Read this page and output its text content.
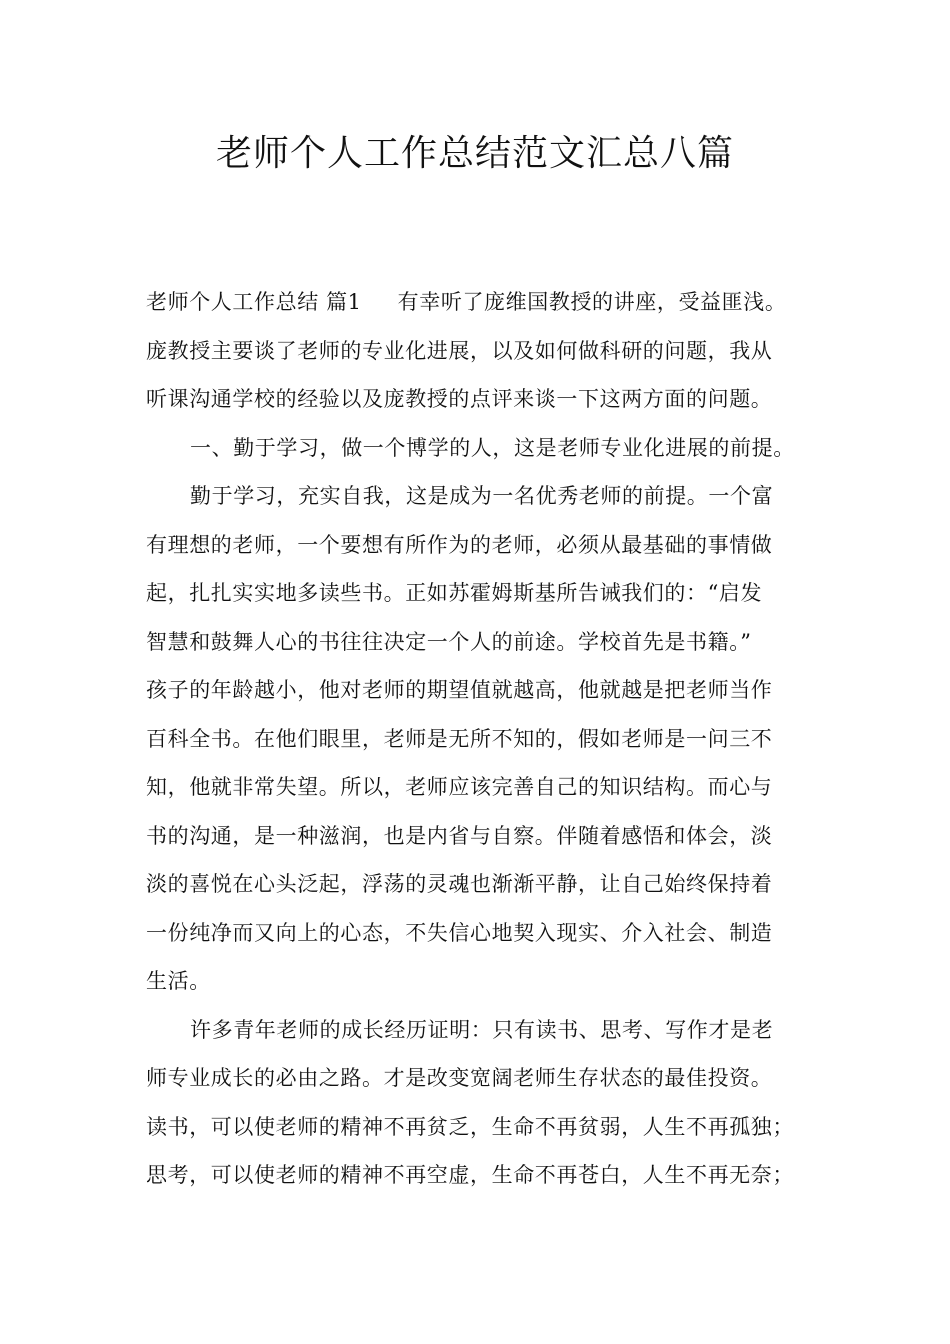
老师个人工作总结范文汇总八篇
老师个人工作总结 篇1 有幸听了庞维国教授的讲座，受益匪浅。
庞教授主要谈了老师的专业化进展，以及如何做科研的问题，我从
听课沟通学校的经验以及庞教授的点评来谈一下这两方面的问题。
一、勤于学习，做一个博学的人，这是老师专业化进展的前提。
勤于学习，充实自我，这是成为一名优秀老师的前提。一个富
有理想的老师，一个要想有所作为的老师，必须从最基础的事情做
起，扎扎实实地多读些书。正如苏霍姆斯基所告诫我们的：“启发
智慧和鼓舞人心的书往往决定一个人的前途。学校首先是书籍。”
孩子的年龄越小，他对老师的期望值就越高，他就越是把老师当作
百科全书。在他们眼里，老师是无所不知的，假如老师是一问三不
知，他就非常失望。所以，老师应该完善自己的知识结构。而心与
书的沟通，是一种滋润，也是内省与自察。伴随着感悟和体会，淡
淡的喜悦在心头泛起，浮荡的灵魂也渐渐平静，让自己始终保持着
一份纯净而又向上的心态，不失信心地契入现实、介入社会、制造
生活。
许多青年老师的成长经历证明：只有读书、思考、写作才是老
师专业成长的必由之路。才是改变宽阔老师生存状态的最佳投资。
读书，可以使老师的精神不再贫乏，生命不再贫弱，人生不再孤独；
思考，可以使老师的精神不再空虚，生命不再苍白，人生不再无奈；
